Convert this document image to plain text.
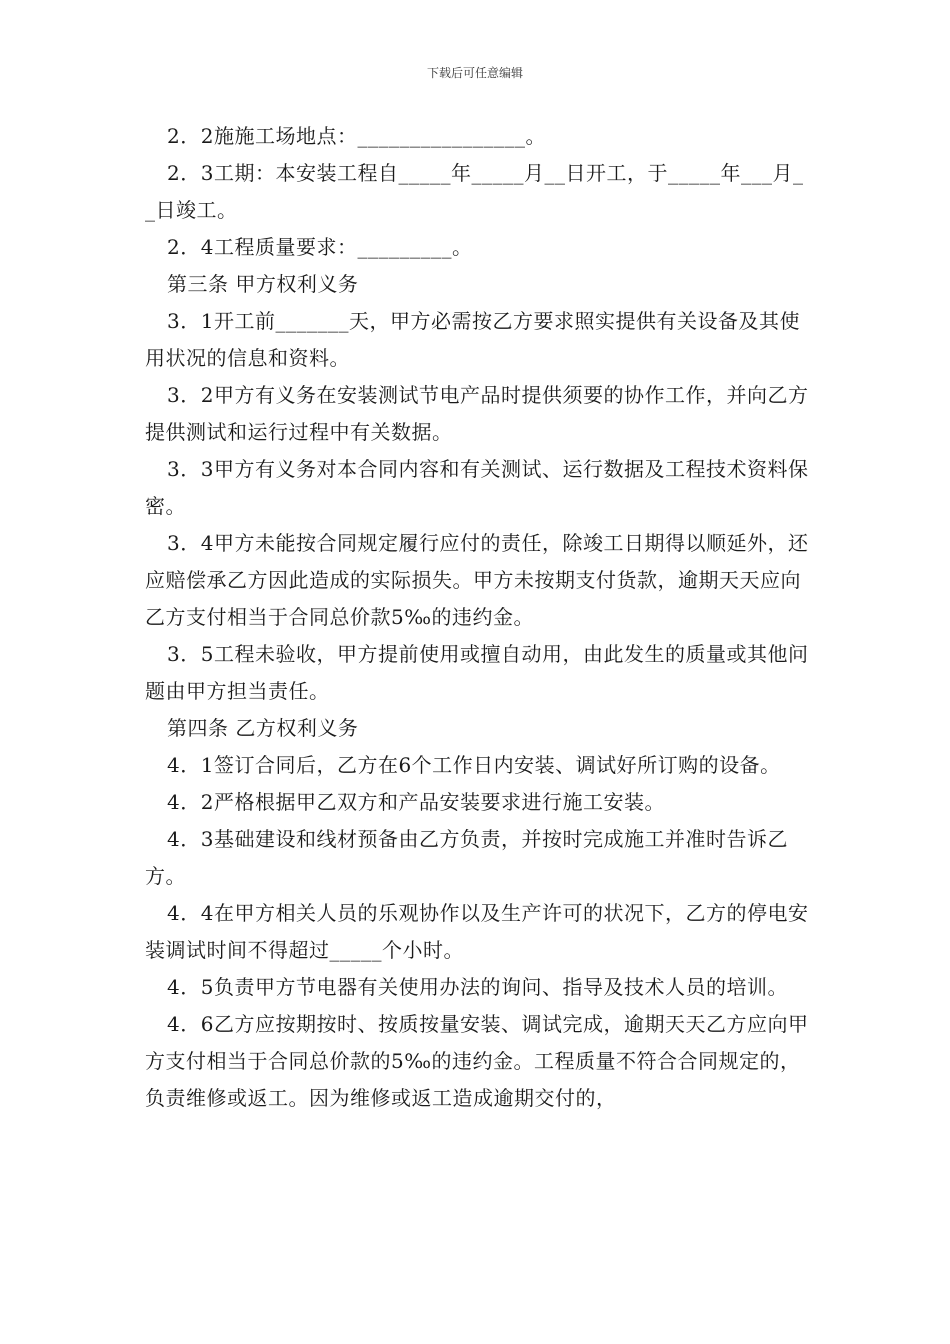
下载后可任意编辑

2．2施施工场地点：________________。

2．3工期：本安装工程自_____年_____月__日开工，于_____年___月__日竣工。

2．4工程质量要求：_________。

第三条 甲方权利义务

3．1开工前_______天，甲方必需按乙方要求照实提供有关设备及其使用状况的信息和资料。

3．2甲方有义务在安装测试节电产品时提供须要的协作工作，并向乙方提供测试和运行过程中有关数据。

3．3甲方有义务对本合同内容和有关测试、运行数据及工程技术资料保密。

3．4甲方未能按合同规定履行应付的责任，除竣工日期得以顺延外，还应赔偿承乙方因此造成的实际损失。甲方未按期支付货款，逾期天天应向乙方支付相当于合同总价款5‰的违约金。

3．5工程未验收，甲方提前使用或擅自动用，由此发生的质量或其他问题由甲方担当责任。

第四条 乙方权利义务

4．1签订合同后，乙方在6个工作日内安装、调试好所订购的设备。

4．2严格根据甲乙双方和产品安装要求进行施工安装。

4．3基础建设和线材预备由乙方负责，并按时完成施工并准时告诉乙方。

4．4在甲方相关人员的乐观协作以及生产许可的状况下，乙方的停电安装调试时间不得超过_____个小时。

4．5负责甲方节电器有关使用办法的询问、指导及技术人员的培训。

4．6乙方应按期按时、按质按量安装、调试完成，逾期天天乙方应向甲方支付相当于合同总价款的5‰的违约金。工程质量不符合合同规定的，负责维修或返工。因为维修或返工造成逾期交付的，
